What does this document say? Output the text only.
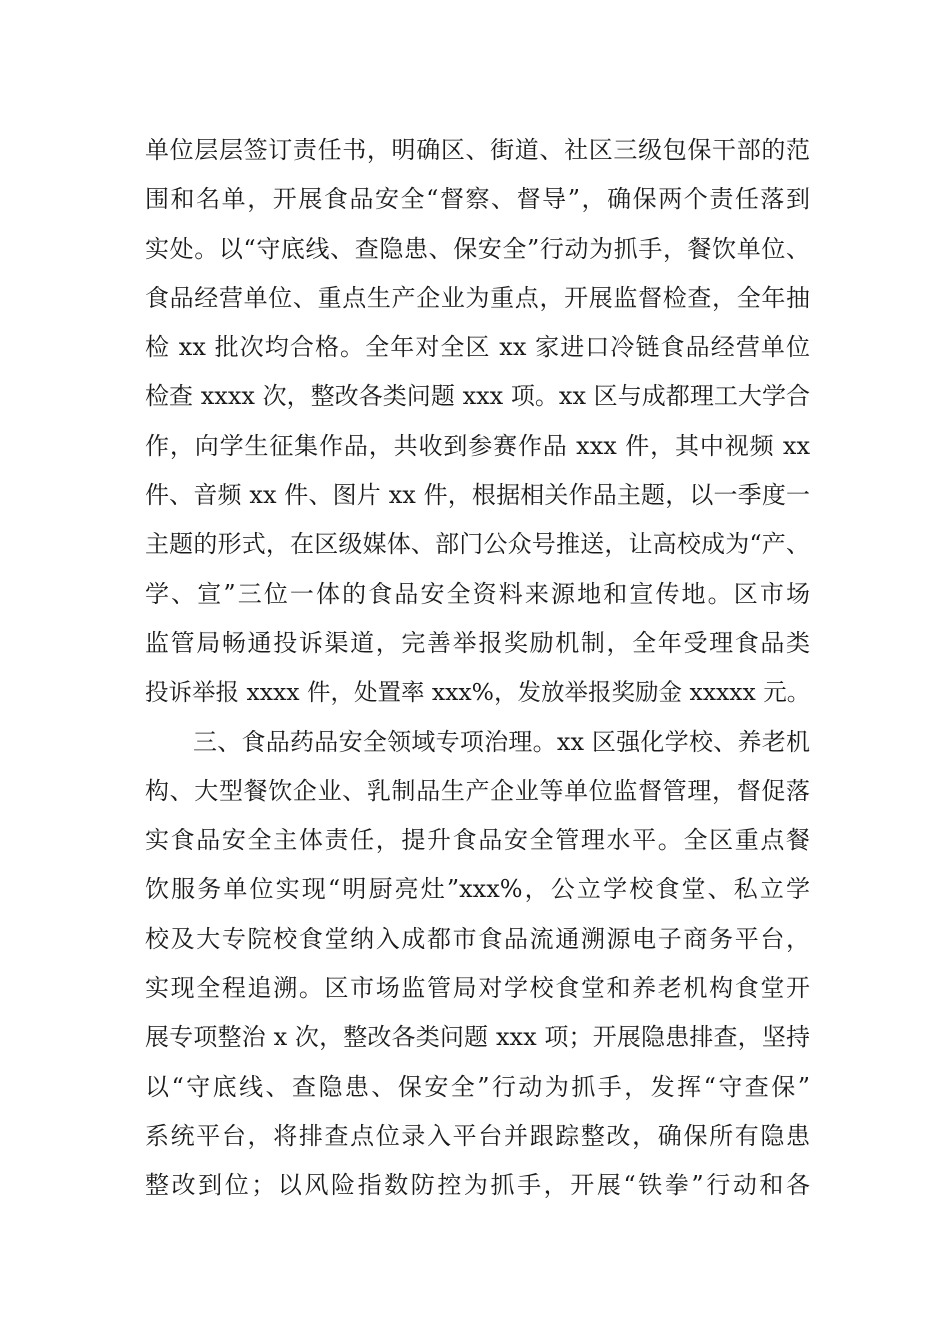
单位层层签订责任书，明确区、街道、社区三级包保干部的范
围和名单，开展食品安全“督察、督导”，确保两个责任落到
实处。以“守底线、查隐患、保安全”行动为抓手，餐饮单位、
食品经营单位、重点生产企业为重点，开展监督检查，全年抽
检 xx 批次均合格。全年对全区 xx 家进口冷链食品经营单位
检查 xxxx 次，整改各类问题 xxx 项。xx 区与成都理工大学合
作，向学生征集作品，共收到参赛作品 xxx 件，其中视频 xx
件、音频 xx 件、图片 xx 件，根据相关作品主题，以一季度一
主题的形式，在区级媒体、部门公众号推送，让高校成为“产、
学、宣”三位一体的食品安全资料来源地和宣传地。区市场
监管局畅通投诉渠道，完善举报奖励机制，全年受理食品类
投诉举报 xxxx 件，处置率 xxx%，发放举报奖励金 xxxxx 元。
三、食品药品安全领域专项治理。xx 区强化学校、养老机
构、大型餐饮企业、乳制品生产企业等单位监督管理，督促落
实食品安全主体责任，提升食品安全管理水平。全区重点餐
饮服务单位实现“明厨亮灶”xxx%，公立学校食堂、私立学
校及大专院校食堂纳入成都市食品流通溯源电子商务平台，
实现全程追溯。区市场监管局对学校食堂和养老机构食堂开
展专项整治 x 次，整改各类问题 xxx 项；开展隐患排查，坚持
以“守底线、查隐患、保安全”行动为抓手，发挥“守查保”
系统平台，将排查点位录入平台并跟踪整改，确保所有隐患
整改到位；以风险指数防控为抓手，开展“铁拳”行动和各
